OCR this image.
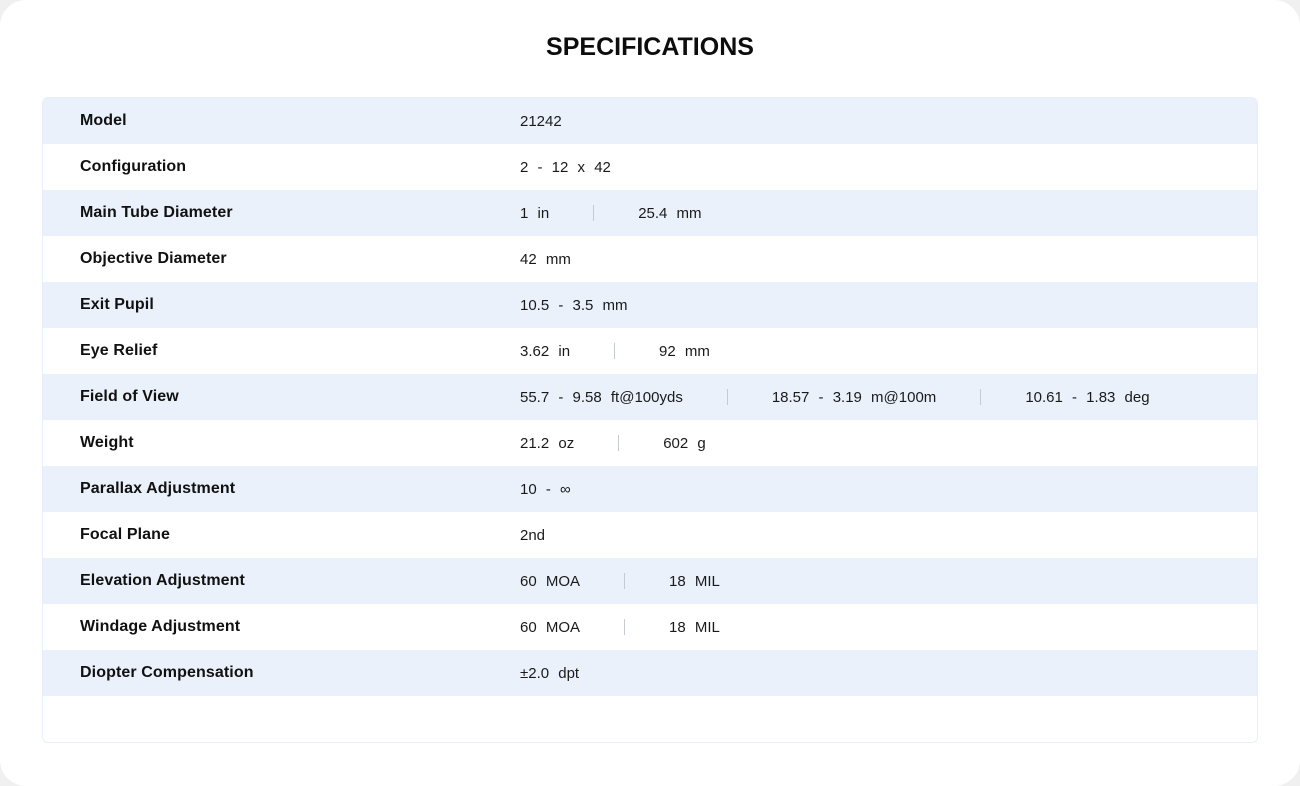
SPECIFICATIONS
Model	21242
Configuration	2 - 12 x 42
Main Tube Diameter	1 in	25.4 mm
Objective Diameter	42 mm
Exit Pupil	10.5 - 3.5 mm
Eye Relief	3.62 in	92 mm
Field of View	55.7 - 9.58 ft@100yds	18.57 - 3.19 m@100m	10.61 - 1.83 deg
Weight	21.2 oz	602 g
Parallax Adjustment	10 - ∞
Focal Plane	2nd
Elevation Adjustment	60 MOA	18 MIL
Windage Adjustment	60 MOA	18 MIL
Diopter Compensation	±2.0 dpt
